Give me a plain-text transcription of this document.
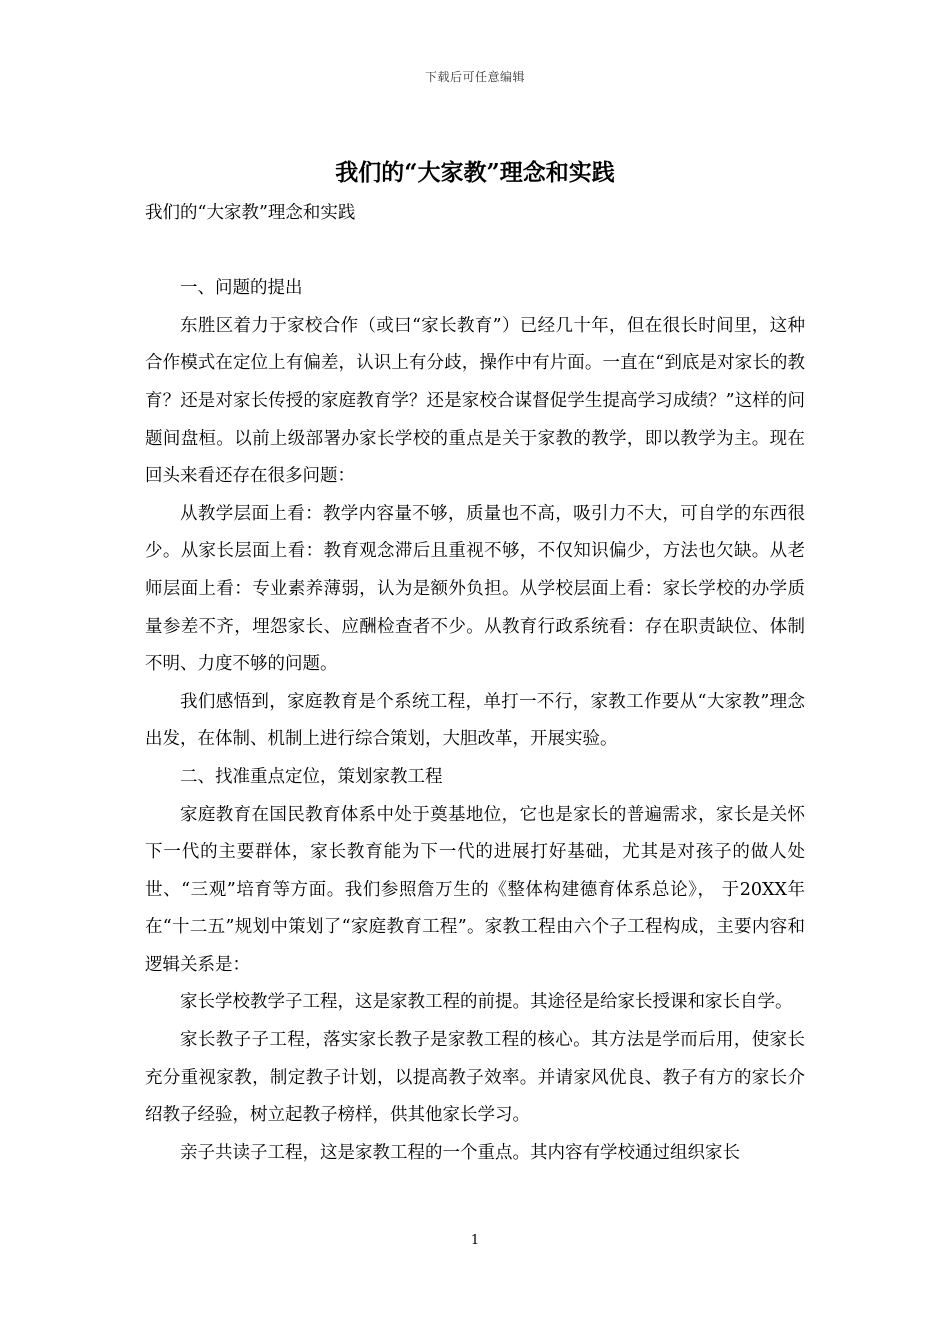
下载后可任意编辑
我们的“大家教”理念和实践

我们的“大家教”理念和实践

一、问题的提出

东胜区着力于家校合作（或曰“家长教育”）已经几十年，但在很长时间里，这种合作模式在定位上有偏差，认识上有分歧，操作中有片面。一直在“到底是对家长的教育？还是对家长传授的家庭教育学？还是家校合谋督促学生提高学习成绩？”这样的问题间盘桓。以前上级部署办家长学校的重点是关于家教的教学，即以教学为主。现在回头来看还存在很多问题：

从教学层面上看：教学内容量不够，质量也不高，吸引力不大，可自学的东西很少。从家长层面上看：教育观念滞后且重视不够，不仅知识偏少，方法也欠缺。从老师层面上看：专业素养薄弱，认为是额外负担。从学校层面上看：家长学校的办学质量参差不齐，埋怨家长、应酬检查者不少。从教育行政系统看：存在职责缺位、体制不明、力度不够的问题。

我们感悟到，家庭教育是个系统工程，单打一不行，家教工作要从“大家教”理念出发，在体制、机制上进行综合策划，大胆改革，开展实验。

二、找准重点定位，策划家教工程

家庭教育在国民教育体系中处于奠基地位，它也是家长的普遍需求，家长是关怀下一代的主要群体，家长教育能为下一代的进展打好基础，尤其是对孩子的做人处世、“三观”培育等方面。我们参照詹万生的《整体构建德育体系总论》， 于20XX年在“十二五”规划中策划了“家庭教育工程”。家教工程由六个子工程构成，主要内容和逻辑关系是：

家长学校教学子工程，这是家教工程的前提。其途径是给家长授课和家长自学。

家长教子子工程，落实家长教子是家教工程的核心。其方法是学而后用，使家长充分重视家教，制定教子计划，以提高教子效率。并请家风优良、教子有方的家长介绍教子经验，树立起教子榜样，供其他家长学习。

亲子共读子工程，这是家教工程的一个重点。其内容有学校通过组织家长

1
